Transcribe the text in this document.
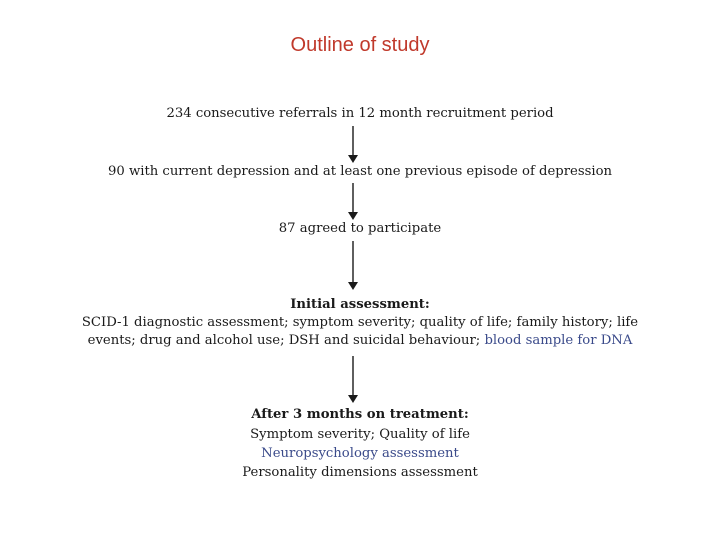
Outline of study
234 consecutive referrals in 12 month recruitment period
90 with current depression and at least one previous episode of depression
87 agreed to participate
Initial assessment:
SCID-1 diagnostic assessment; symptom severity; quality of life; family history; life
events; drug and alcohol use; DSH and suicidal behaviour; blood sample for DNA
After 3 months on treatment:
Symptom severity; Quality of life
Neuropsychology assessment
Personality dimensions assessment
